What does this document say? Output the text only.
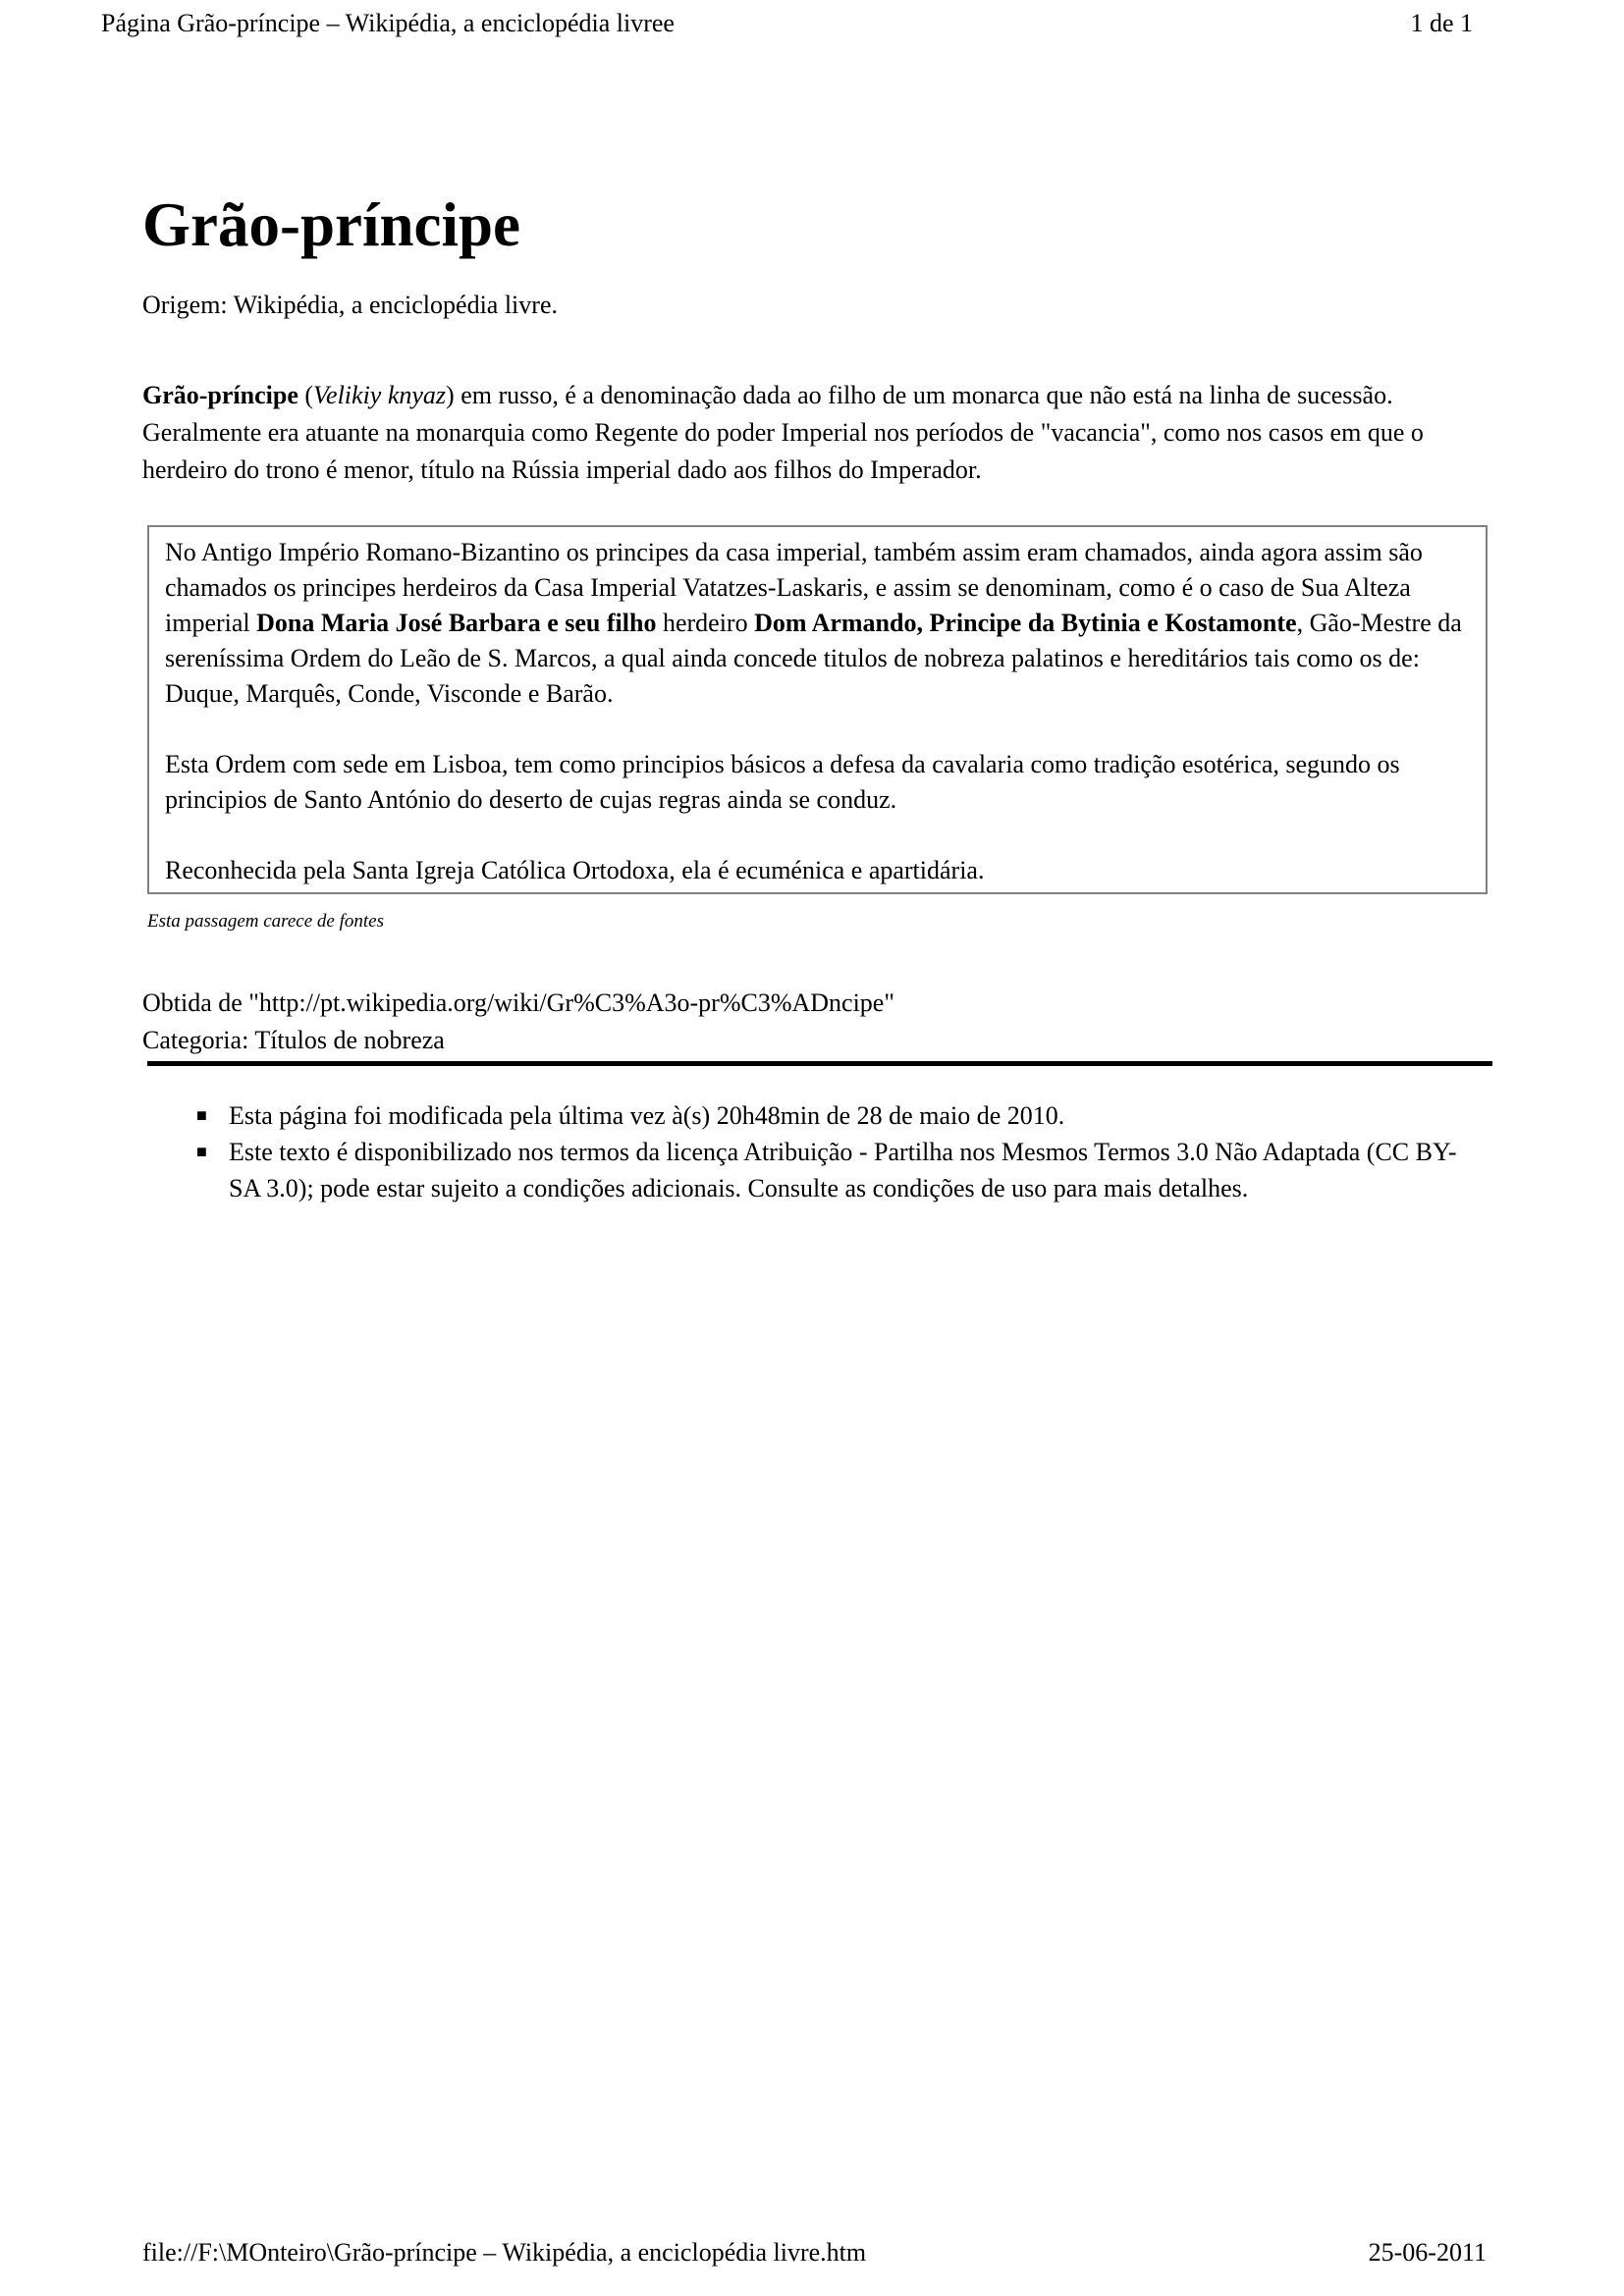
Página Grão-príncipe – Wikipédia, a enciclopédia livree	1 de 1
Grão-príncipe
Origem: Wikipédia, a enciclopédia livre.

Grão-príncipe (Velikiy knyaz) em russo, é a denominação dada ao filho de um monarca que não está na linha de sucessão. Geralmente era atuante na monarquia como Regente do poder Imperial nos períodos de "vacancia", como nos casos em que o herdeiro do trono é menor, título na Rússia imperial dado aos filhos do Imperador.

No Antigo Império Romano-Bizantino os principes da casa imperial, também assim eram chamados, ainda agora assim são chamados os principes herdeiros da Casa Imperial Vatatzes-Laskaris, e assim se denominam, como é o caso de Sua Alteza imperial Dona Maria José Barbara e seu filho herdeiro Dom Armando, Principe da Bytinia e Kostamonte, Gão-Mestre da sereníssima Ordem do Leão de S. Marcos, a qual ainda concede titulos de nobreza palatinos e hereditários tais como os de: Duque, Marquês, Conde, Visconde e Barão.

Esta Ordem com sede em Lisboa, tem como principios básicos a defesa da cavalaria como tradição esotérica, segundo os principios de Santo António do deserto de cujas regras ainda se conduz.

Reconhecida pela Santa Igreja Católica Ortodoxa, ela é ecuménica e apartidária.

Esta passagem carece de fontes
Obtida de "http://pt.wikipedia.org/wiki/Gr%C3%A3o-pr%C3%ADncipe"
Categoria: Títulos de nobreza
■ Esta página foi modificada pela última vez à(s) 20h48min de 28 de maio de 2010.
■ Este texto é disponibilizado nos termos da licença Atribuição - Partilha nos Mesmos Termos 3.0 Não Adaptada (CC BY-SA 3.0); pode estar sujeito a condições adicionais. Consulte as condições de uso para mais detalhes.
file://F:\MOnteiro\Grão-príncipe – Wikipédia, a enciclopédia livre.htm	25-06-2011
